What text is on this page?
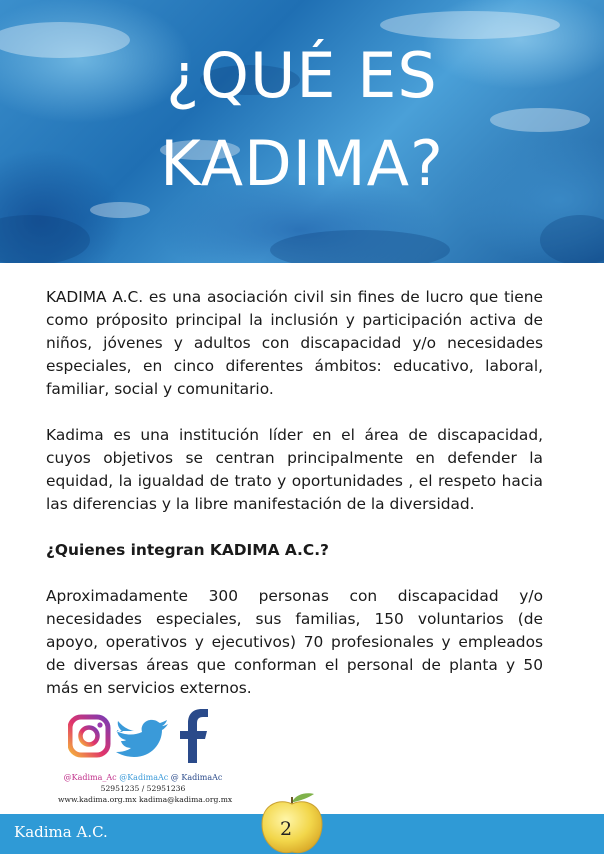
¿QUÉ ES
KADIMA?

KADIMA A.C. es una asociación civil sin fines de lucro que tiene como próposito principal la inclusión y participación activa de niños, jóvenes y adultos con discapacidad y/o necesidades especiales, en cinco diferentes ámbitos: educativo, laboral, familiar, social y comunitario.

Kadima es una institución líder en el área de discapacidad, cuyos objetivos se centran principalmente en defender la equidad, la igualdad de trato y oportunidades , el respeto hacia las diferencias y la libre manifestación de la diversidad.

¿Quienes integran KADIMA A.C.?

Aproximadamente 300 personas con discapacidad y/o necesidades especiales, sus familias, 150 voluntarios (de apoyo, operativos y ejecutivos) 70 profesionales y empleados de diversas áreas que conforman el personal de planta y 50 más en servicios externos.

@Kadima_Ac @KadimaAc @ KadimaAc
52951235 / 52951236
www.kadima.org.mx kadima@kadima.org.mx
Kadima A.C.	2
